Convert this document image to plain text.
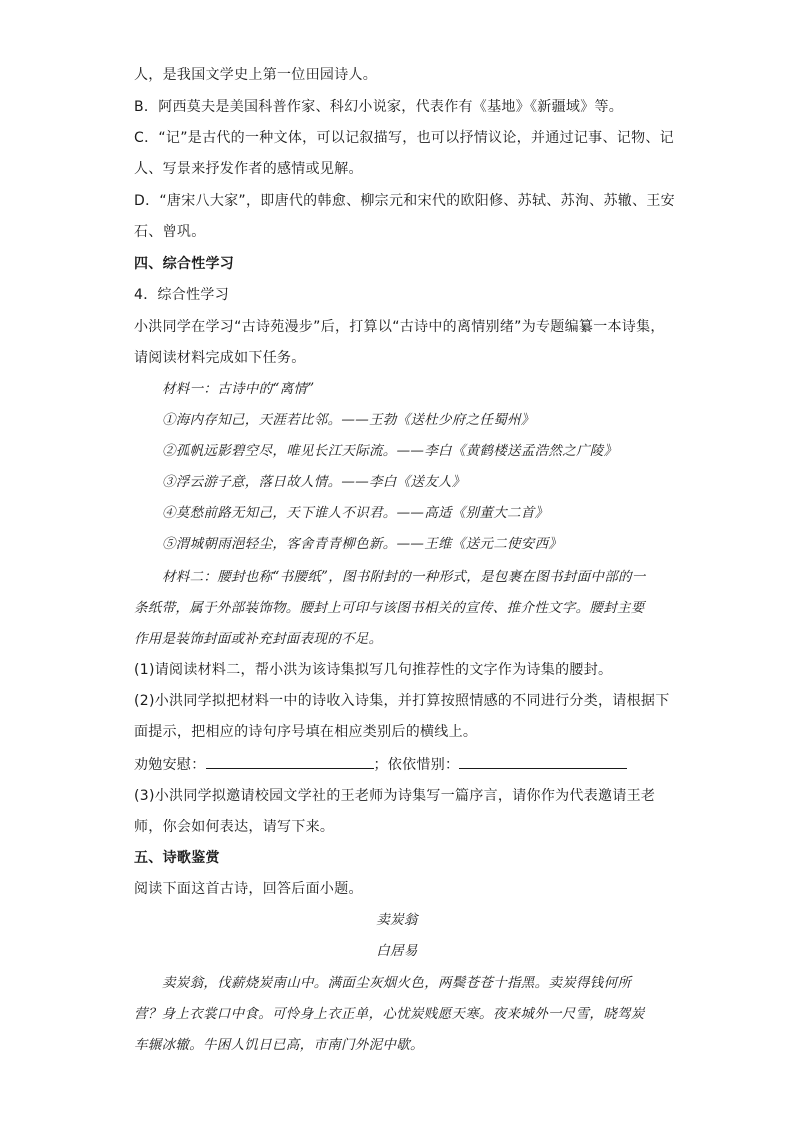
人，是我国文学史上第一位田园诗人。
B．阿西莫夫是美国科普作家、科幻小说家，代表作有《基地》《新疆域》等。
C．“记”是古代的一种文体，可以记叙描写，也可以抒情议论，并通过记事、记物、记
人、写景来抒发作者的感情或见解。
D．“唐宋八大家”，即唐代的韩愈、柳宗元和宋代的欧阳修、苏轼、苏洵、苏辙、王安
石、曾巩。
四、综合性学习
4．综合性学习
小洪同学在学习“古诗苑漫步”后，打算以“古诗中的离情别绪”为专题编纂一本诗集，
请阅读材料完成如下任务。
材料一：古诗中的“离情”
①海内存知己，天涯若比邻。——王勃《送杜少府之任蜀州》
②孤帆远影碧空尽，唯见长江天际流。——李白《黄鹤楼送孟浩然之广陵》
③浮云游子意，落日故人情。——李白《送友人》
④莫愁前路无知己，天下谁人不识君。——高适《别董大二首》
⑤渭城朝雨浥轻尘，客舍青青柳色新。——王维《送元二使安西》
材料二：腰封也称“书腰纸”，图书附封的一种形式，是包裹在图书封面中部的一
条纸带，属于外部装饰物。腰封上可印与该图书相关的宣传、推介性文字。腰封主要
作用是装饰封面或补充封面表现的不足。
(1)请阅读材料二，帮小洪为该诗集拟写几句推荐性的文字作为诗集的腰封。
(2)小洪同学拟把材料一中的诗收入诗集，并打算按照情感的不同进行分类，请根据下
面提示，把相应的诗句序号填在相应类别后的横线上。
劝勉安慰：	；依依惜别：
(3)小洪同学拟邀请校园文学社的王老师为诗集写一篇序言，请你作为代表邀请王老
师，你会如何表达，请写下来。
五、诗歌鉴赏
阅读下面这首古诗，回答后面小题。
卖炭翁
白居易
卖炭翁，伐薪烧炭南山中。满面尘灰烟火色，两鬓苍苍十指黑。卖炭得钱何所
营？身上衣裳口中食。可怜身上衣正单，心忧炭贱愿天寒。夜来城外一尺雪，晓驾炭
车辗冰辙。牛困人饥日已高，市南门外泥中歇。
